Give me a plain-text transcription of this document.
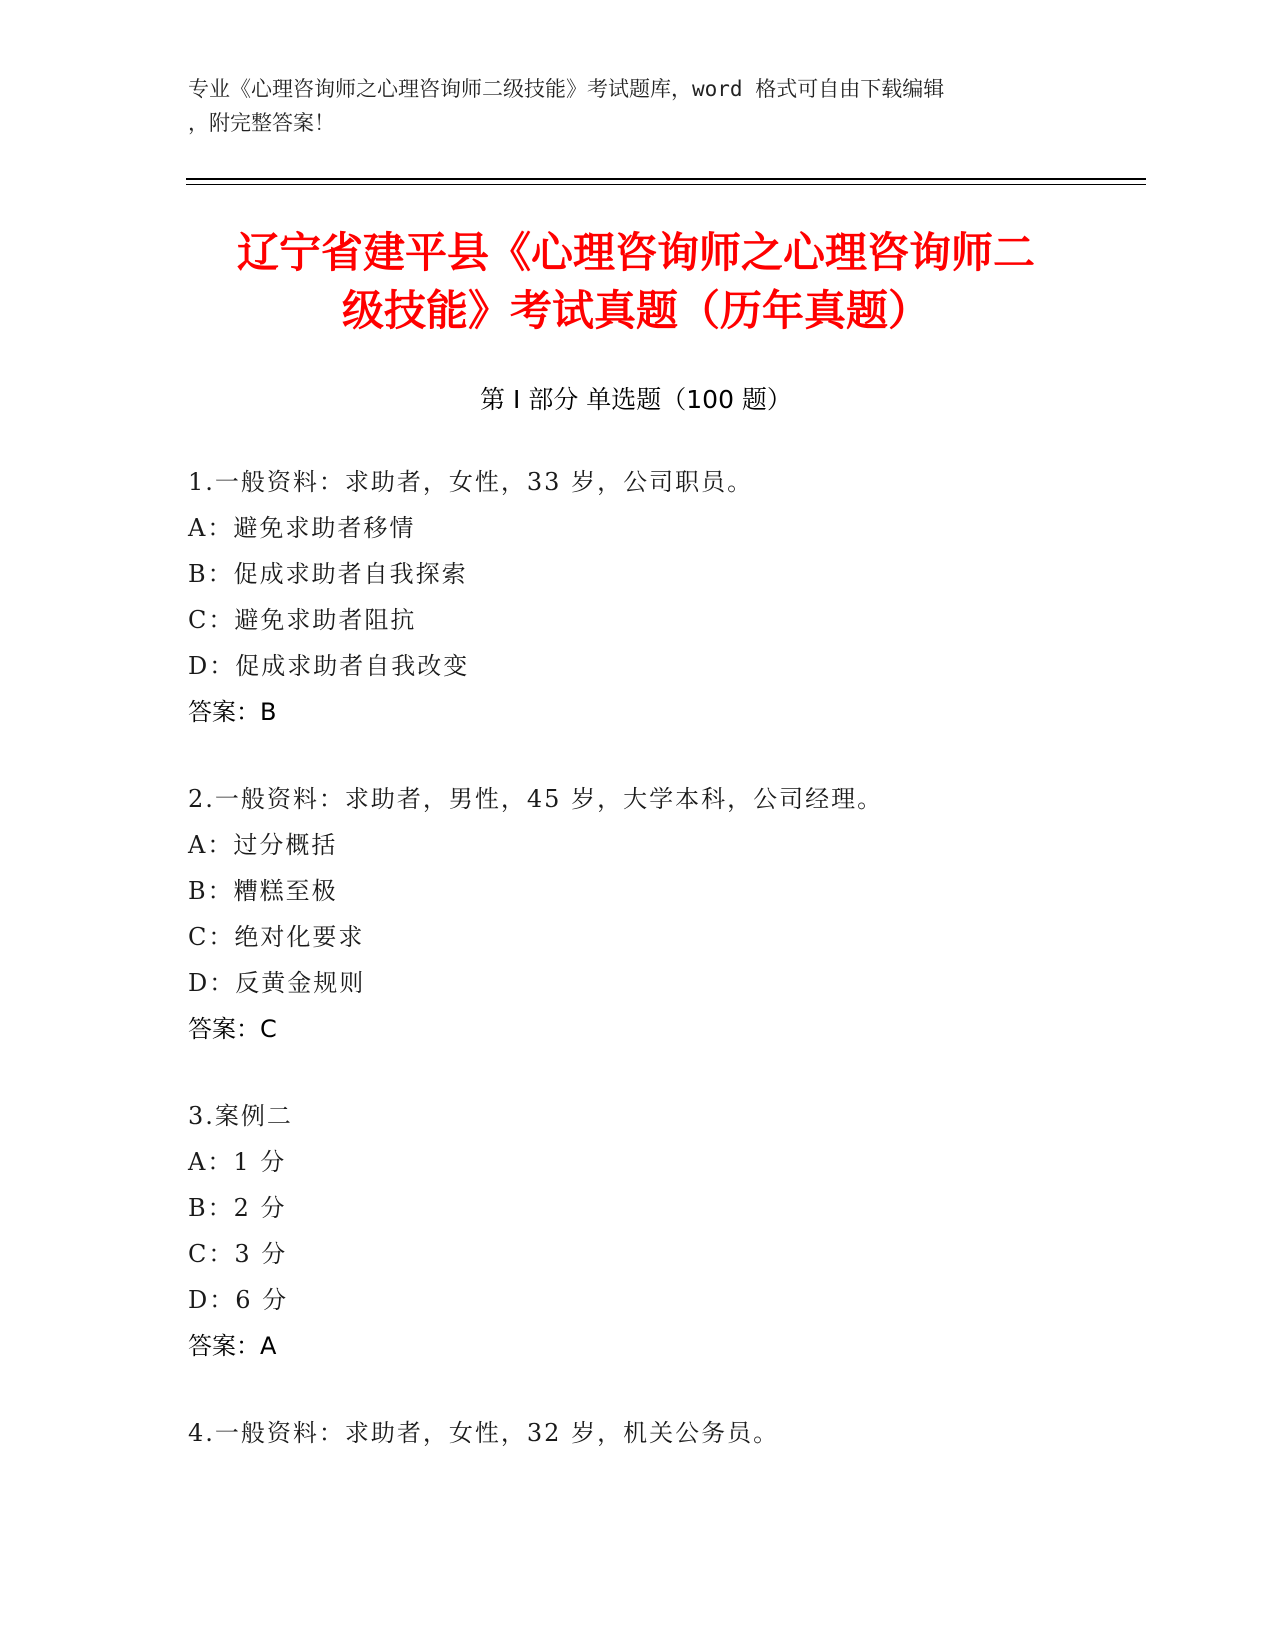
专业《心理咨询师之心理咨询师二级技能》考试题库，word 格式可自由下载编辑
，附完整答案！
辽宁省建平县《心理咨询师之心理咨询师二
级技能》考试真题（历年真题）
第 I 部分 单选题（100 题）
1.一般资料：求助者，女性，33 岁，公司职员。
A：避免求助者移情
B：促成求助者自我探索
C：避免求助者阻抗
D：促成求助者自我改变
答案：B
2.一般资料：求助者，男性，45 岁，大学本科，公司经理。
A：过分概括
B：糟糕至极
C：绝对化要求
D：反黄金规则
答案：C
3.案例二
A：1 分
B：2 分
C：3 分
D：6 分
答案：A
4.一般资料：求助者，女性，32 岁，机关公务员。
